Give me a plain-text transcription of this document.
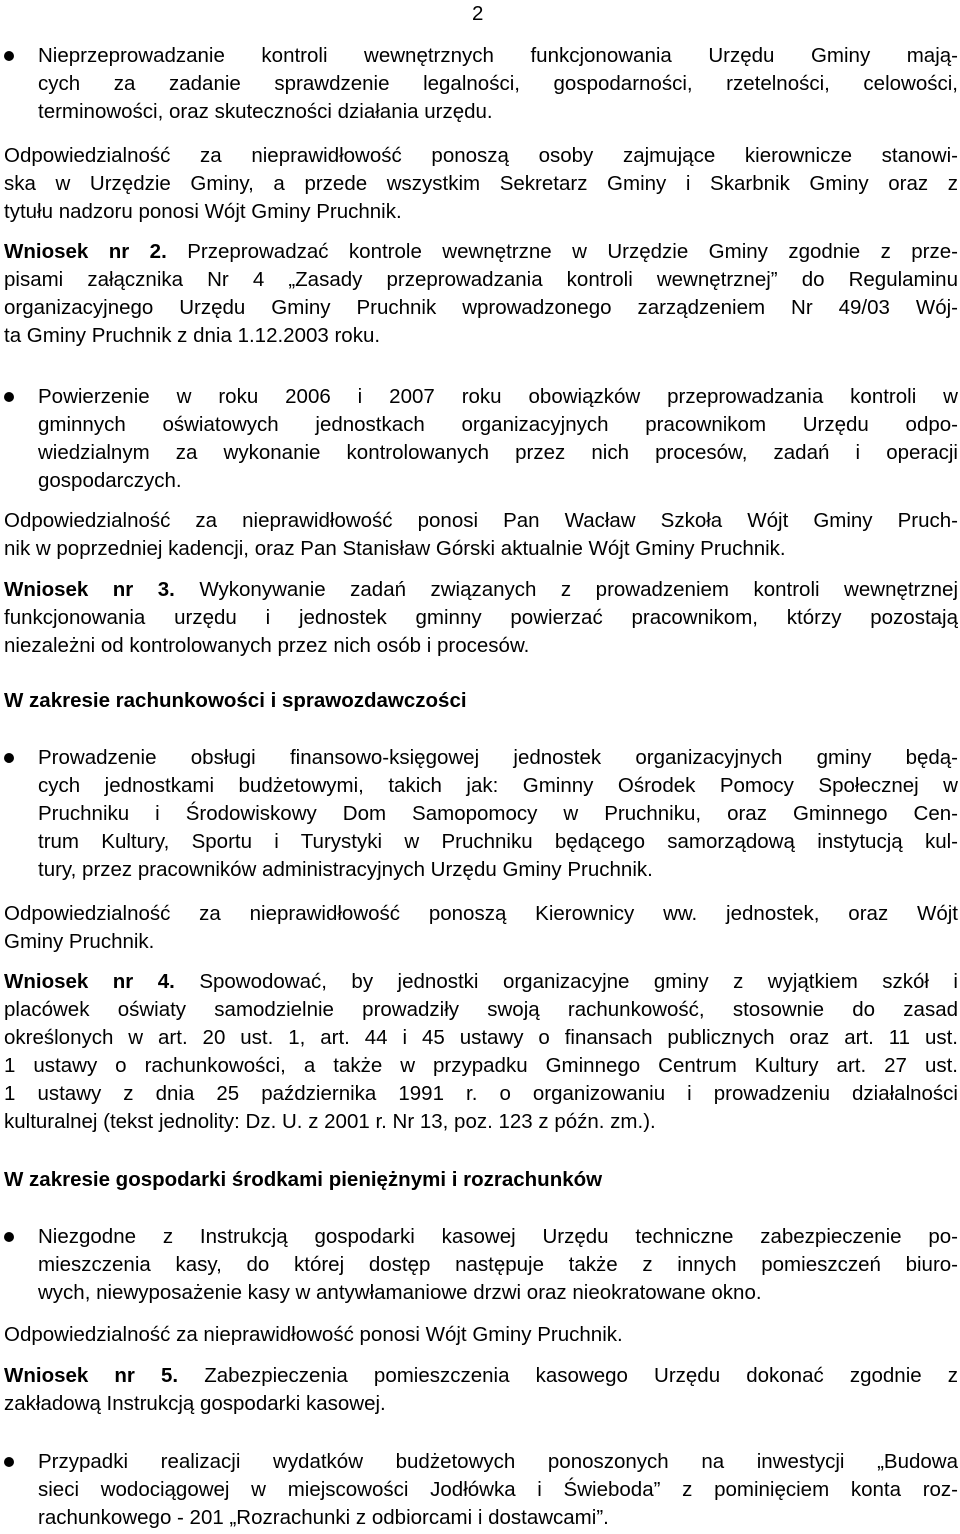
2

Nieprzeprowadzanie kontroli wewnętrznych funkcjonowania Urzędu Gminy mają-

cych za zadanie sprawdzenie legalności, gospodarności, rzetelności, celowości,

terminowości, oraz skuteczności działania urzędu.

Odpowiedzialność za nieprawidłowość ponoszą osoby zajmujące kierownicze stanowi-

ska w Urzędzie Gminy, a przede wszystkim Sekretarz Gminy i Skarbnik Gminy oraz z

tytułu nadzoru ponosi Wójt Gminy Pruchnik.

Wniosek nr 2. Przeprowadzać kontrole wewnętrzne w Urzędzie Gminy zgodnie z prze-

pisami załącznika Nr 4 „Zasady przeprowadzania kontroli wewnętrznej” do Regulaminu

organizacyjnego Urzędu Gminy Pruchnik wprowadzonego zarządzeniem Nr 49/03 Wój-

ta Gminy Pruchnik z dnia 1.12.2003 roku.

Powierzenie w roku 2006 i 2007 roku obowiązków przeprowadzania kontroli w

gminnych oświatowych jednostkach organizacyjnych pracownikom Urzędu odpo-

wiedzialnym za wykonanie kontrolowanych przez nich procesów, zadań i operacji

gospodarczych.

Odpowiedzialność za nieprawidłowość ponosi Pan Wacław Szkoła Wójt Gminy Pruch-

nik w poprzedniej kadencji, oraz Pan Stanisław Górski aktualnie Wójt Gminy Pruchnik.

Wniosek nr 3. Wykonywanie zadań związanych z prowadzeniem kontroli wewnętrznej

funkcjonowania urzędu i jednostek gminny powierzać pracownikom, którzy pozostają

niezależni od kontrolowanych przez nich osób i procesów.

W zakresie rachunkowości i sprawozdawczości

Prowadzenie obsługi finansowo-księgowej jednostek organizacyjnych gminy będą-

cych jednostkami budżetowymi, takich jak: Gminny Ośrodek Pomocy Społecznej w

Pruchniku i Środowiskowy Dom Samopomocy w Pruchniku, oraz Gminnego Cen-

trum Kultury, Sportu i Turystyki w Pruchniku będącego samorządową instytucją kul-

tury, przez pracowników administracyjnych Urzędu Gminy Pruchnik.

Odpowiedzialność za nieprawidłowość ponoszą Kierownicy ww. jednostek, oraz Wójt

Gminy Pruchnik.

Wniosek nr 4. Spowodować, by jednostki organizacyjne gminy z wyjątkiem szkół i

placówek oświaty samodzielnie prowadziły swoją rachunkowość, stosownie do zasad

określonych w art. 20 ust. 1, art. 44 i 45 ustawy o finansach publicznych oraz art. 11 ust.

1 ustawy o rachunkowości, a także w przypadku Gminnego Centrum Kultury art. 27 ust.

1 ustawy z dnia 25 października 1991 r. o organizowaniu i prowadzeniu działalności

kulturalnej (tekst jednolity: Dz. U. z 2001 r. Nr 13, poz. 123 z późn. zm.).

W zakresie gospodarki środkami pieniężnymi i rozrachunków

Niezgodne z Instrukcją gospodarki kasowej Urzędu techniczne zabezpieczenie po-

mieszczenia kasy, do której dostęp następuje także z innych pomieszczeń biuro-

wych, niewyposażenie kasy w antywłamaniowe drzwi oraz nieokratowane okno.

Odpowiedzialność za nieprawidłowość ponosi Wójt Gminy Pruchnik.

Wniosek nr 5. Zabezpieczenia pomieszczenia kasowego Urzędu dokonać zgodnie z

zakładową Instrukcją gospodarki kasowej.

Przypadki realizacji wydatków budżetowych ponoszonych na inwestycji „Budowa

sieci wodociągowej w miejscowości Jodłówka i Świeboda” z pominięciem konta roz-

rachunkowego - 201 „Rozrachunki z odbiorcami i dostawcami”.
